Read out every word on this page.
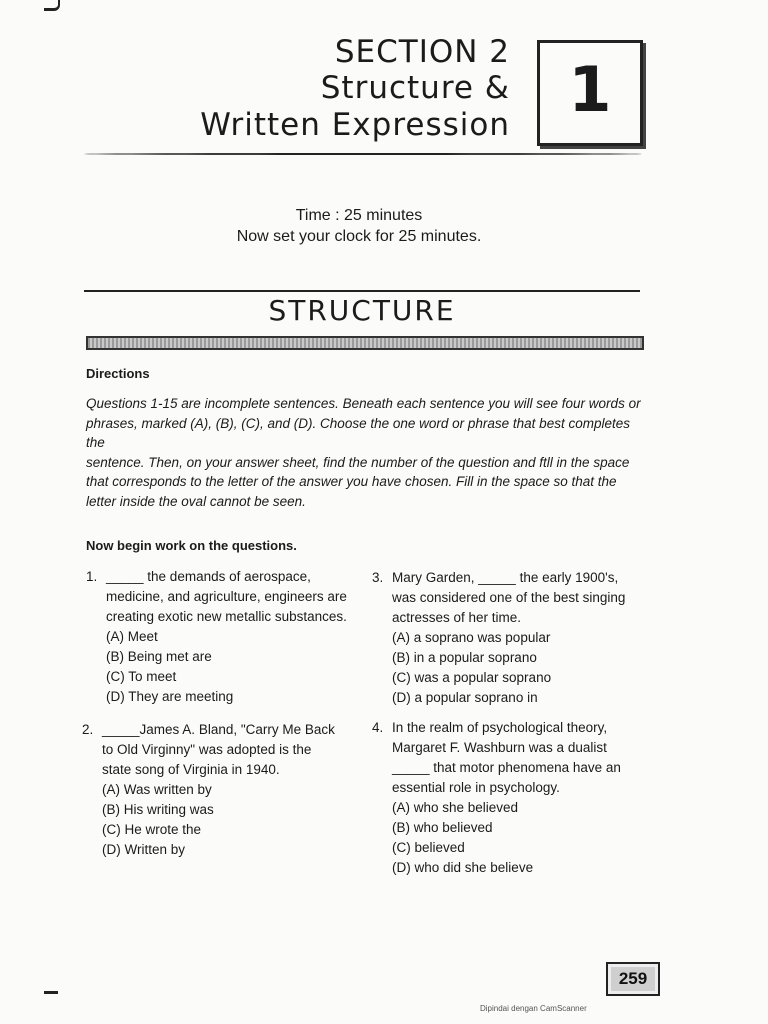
SECTION 2
Structure &
Written Expression 1
Time : 25 minutes
Now set your clock for 25 minutes.
STRUCTURE
Directions
Questions 1-15 are incomplete sentences. Beneath each sentence you will see four words or
phrases, marked (A), (B), (C), and (D). Choose the one word or phrase that best completes the
sentence. Then, on your answer sheet, find the number of the question and ftll in the space
that corresponds to the letter of the answer you have chosen. Fill in the space so that the
letter inside the oval cannot be seen.
Now begin work on the questions.
1. _____ the demands of aerospace,
medicine, and agriculture, engineers are
creating exotic new metallic substances.
(A) Meet
(B) Being met are
(C) To meet
(D) They are meeting
2. _____James A. Bland, "Carry Me Back
to Old Virginny" was adopted is the
state song of Virginia in 1940.
(A) Was written by
(B) His writing was
(C) He wrote the
(D) Written by
3. Mary Garden, _____ the early 1900's,
was considered one of the best singing
actresses of her time.
(A) a soprano was popular
(B) in a popular soprano
(C) was a popular soprano
(D) a popular soprano in
4. In the realm of psychological theory,
Margaret F. Washburn was a dualist
_____ that motor phenomena have an
essential role in psychology.
(A) who she believed
(B) who believed
(C) believed
(D) who did she believe
259
Dipindai dengan CamScanner
